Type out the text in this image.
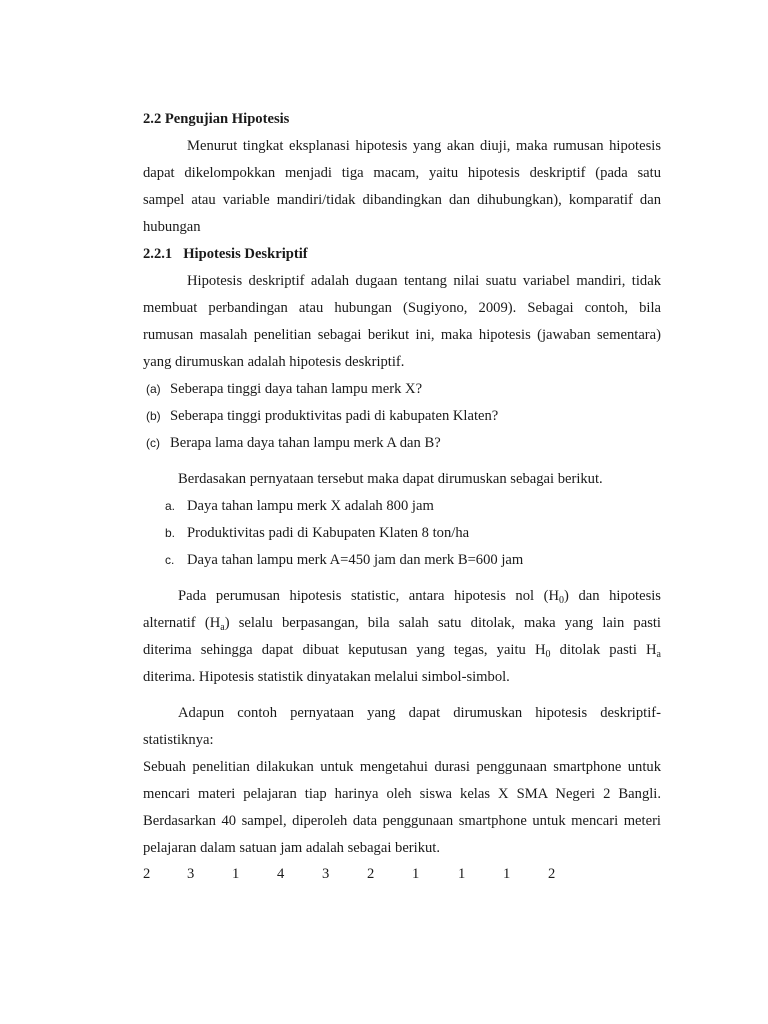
2.2 Pengujian Hipotesis
Menurut tingkat eksplanasi hipotesis yang akan diuji, maka rumusan hipotesis
dapat dikelompokkan menjadi tiga macam, yaitu hipotesis deskriptif (pada satu
sampel atau variable mandiri/tidak dibandingkan dan dihubungkan), komparatif dan
hubungan
2.2.1 Hipotesis Deskriptif
Hipotesis deskriptif adalah dugaan tentang nilai suatu variabel mandiri, tidak
membuat perbandingan atau hubungan (Sugiyono, 2009). Sebagai contoh, bila
rumusan masalah penelitian sebagai berikut ini, maka hipotesis (jawaban sementara)
yang dirumuskan adalah hipotesis deskriptif.
(a) Seberapa tinggi daya tahan lampu merk X?
(b) Seberapa tinggi produktivitas padi di kabupaten Klaten?
(c) Berapa lama daya tahan lampu merk A dan B?
Berdasakan pernyataan tersebut maka dapat dirumuskan sebagai berikut.
a. Daya tahan lampu merk X adalah 800 jam
b. Produktivitas padi di Kabupaten Klaten 8 ton/ha
c. Daya tahan lampu merk A=450 jam dan merk B=600 jam
Pada perumusan hipotesis statistic, antara hipotesis nol $(H_0)$ dan hipotesis
alternatif $(H_a)$ selalu berpasangan, bila salah satu ditolak, maka yang lain pasti
diterima sehingga dapat dibuat keputusan yang tegas, yaitu $H_0$ ditolak pasti $H_a$
diterima. Hipotesis statistik dinyatakan melalui simbol-simbol.
Adapun contoh pernyataan yang dapat dirumuskan hipotesis deskriptif-
statistiknya:
Sebuah penelitian dilakukan untuk mengetahui durasi penggunaan smartphone untuk
mencari materi pelajaran tiap harinya oleh siswa kelas X SMA Negeri 2 Bangli.
Berdasarkan 40 sampel, diperoleh data penggunaan smartphone untuk mencari meteri
pelajaran dalam satuan jam adalah sebagai berikut.
2	3	1	4	3	2	1	1	1	2
